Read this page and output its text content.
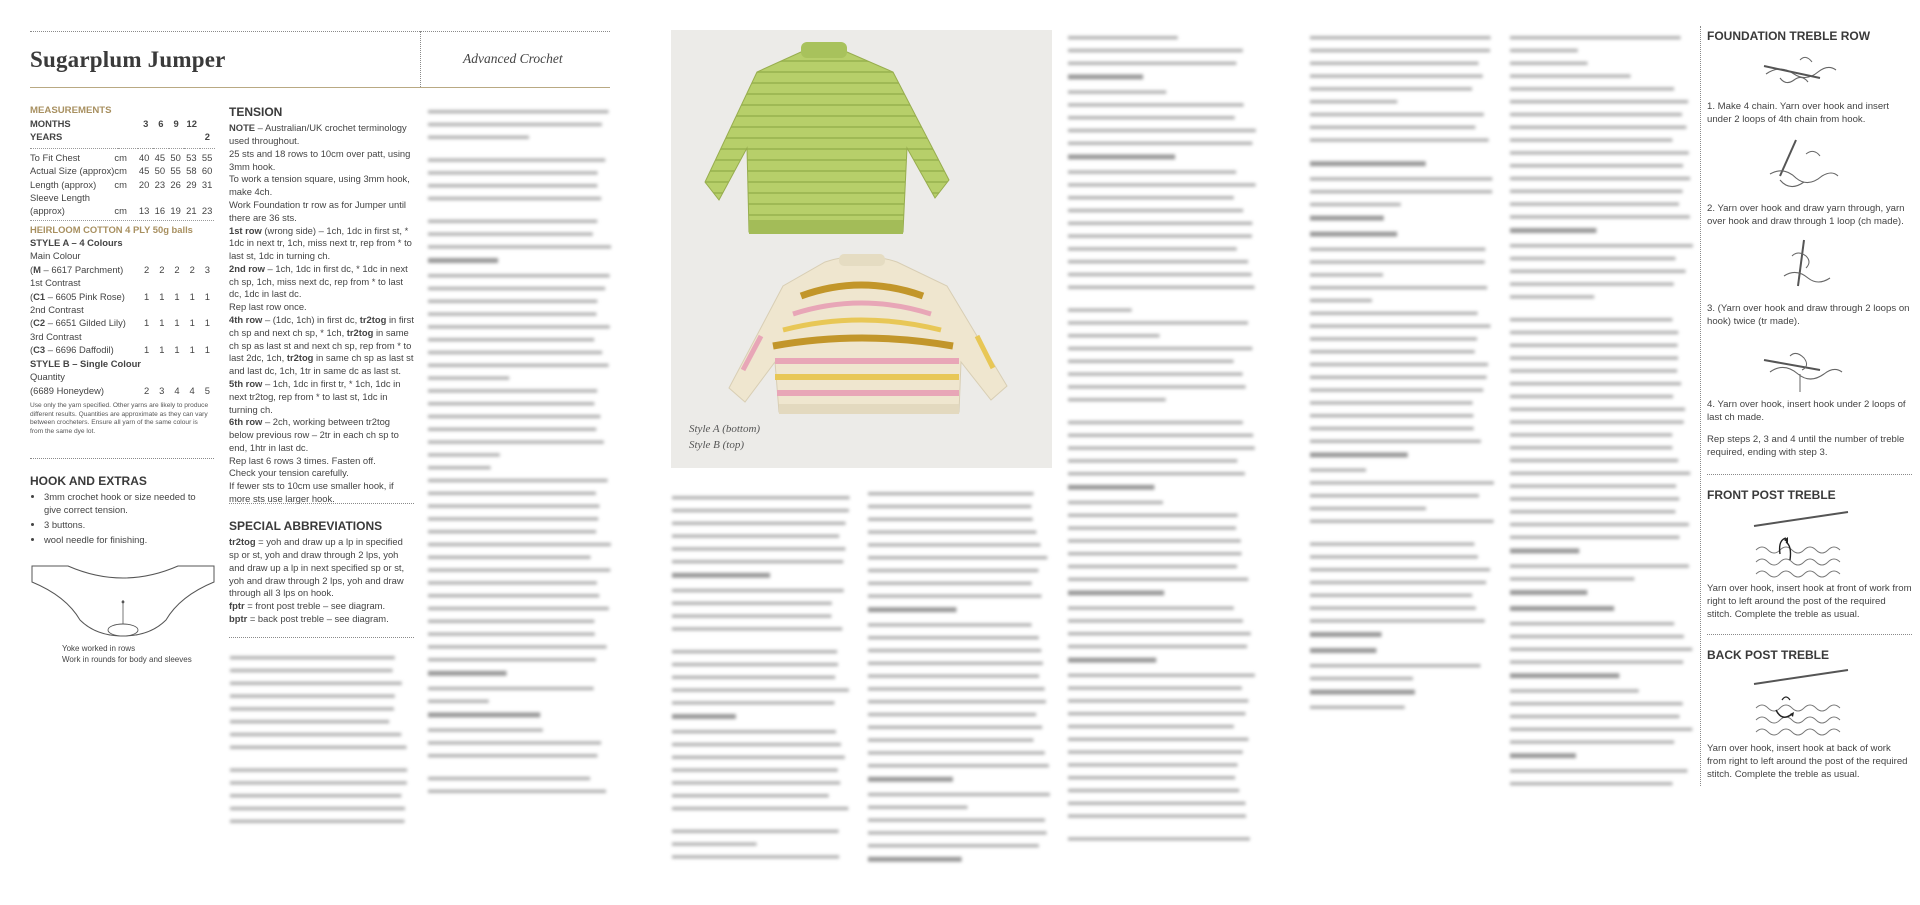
Sugarplum Jumper	Advanced Crochet
MEASUREMENTS
MONTHS		3	6	9	12	
YEARS						2

To Fit Chest	cm	40	45	50	53	55
Actual Size (approx)	cm	45	50	55	58	60
Length (approx)	cm	20	23	26	29	31
Sleeve Length						
(approx)	cm	13	16	19	21	23
HEIRLOOM COTTON 4 PLY 50g balls
STYLE A – 4 Colours
Main Colour					
(M – 6617 Parchment)	2	2	2	2	3
1st Contrast					
(C1 – 6605 Pink Rose)	1	1	1	1	1
2nd Contrast					
(C2 – 6651 Gilded Lily)	1	1	1	1	1
3rd Contrast					
(C3 – 6696 Daffodil)	1	1	1	1	1
STYLE B – Single Colour
Quantity					
(6689 Honeydew)	2	3	4	4	5

Use only the yarn specified. Other yarns are likely to produce different results. Quantities are approximate as they can vary between crocheters. Ensure all yarn of the same colour is from the same dye lot.

HOOK AND EXTRAS
• 3mm crochet hook or size needed to give correct tension.
• 3 buttons.
• wool needle for finishing.
Yoke worked in rows
Work in rounds for body and sleeves
TENSION

NOTE – Australian/UK crochet terminology used throughout.

25 sts and 18 rows to 10cm over patt, using 3mm hook.

To work a tension square, using 3mm hook, make 4ch.

Work Foundation tr row as for Jumper until there are 36 sts.

1st row (wrong side) – 1ch, 1dc in first st, * 1dc in next tr, 1ch, miss next tr, rep from * to last st, 1dc in turning ch.

2nd row – 1ch, 1dc in first dc, * 1dc in next ch sp, 1ch, miss next dc, rep from * to last dc, 1dc in last dc.

Rep last row once.

4th row – (1dc, 1ch) in first dc, tr2tog in first ch sp and next ch sp, * 1ch, tr2tog in same ch sp as last st and next ch sp, rep from * to last 2dc, 1ch, tr2tog in same ch sp as last st and last dc, 1ch, 1tr in same dc as last st.

5th row – 1ch, 1dc in first tr, * 1ch, 1dc in next tr2tog, rep from * to last st, 1dc in turning ch.

6th row – 2ch, working between tr2tog below previous row – 2tr in each ch sp to end, 1htr in last dc.

Rep last 6 rows 3 times. Fasten off.

Check your tension carefully.

If fewer sts to 10cm use smaller hook, if more sts use larger hook.

SPECIAL ABBREVIATIONS

tr2tog = yoh and draw up a lp in specified sp or st, yoh and draw through 2 lps, yoh and draw up a lp in next specified sp or st, yoh and draw through 2 lps, yoh and draw through all 3 lps on hook.

fptr = front post treble – see diagram.

bptr = back post treble – see diagram.

Style A (bottom)
Style B (top)
FOUNDATION TREBLE ROW
1. Make 4 chain. Yarn over hook and insert under 2 loops of 4th chain from hook.
2. Yarn over hook and draw yarn through, yarn over hook and draw through 1 loop (ch made).
3. (Yarn over hook and draw through 2 loops on hook) twice (tr made).
4. Yarn over hook, insert hook under 2 loops of last ch made.
Rep steps 2, 3 and 4 until the number of treble required, ending with step 3.
FRONT POST TREBLE
Yarn over hook, insert hook at front of work from right to left around the post of the required stitch. Complete the treble as usual.
BACK POST TREBLE
Yarn over hook, insert hook at back of work from right to left around the post of the required stitch. Complete the treble as usual.
